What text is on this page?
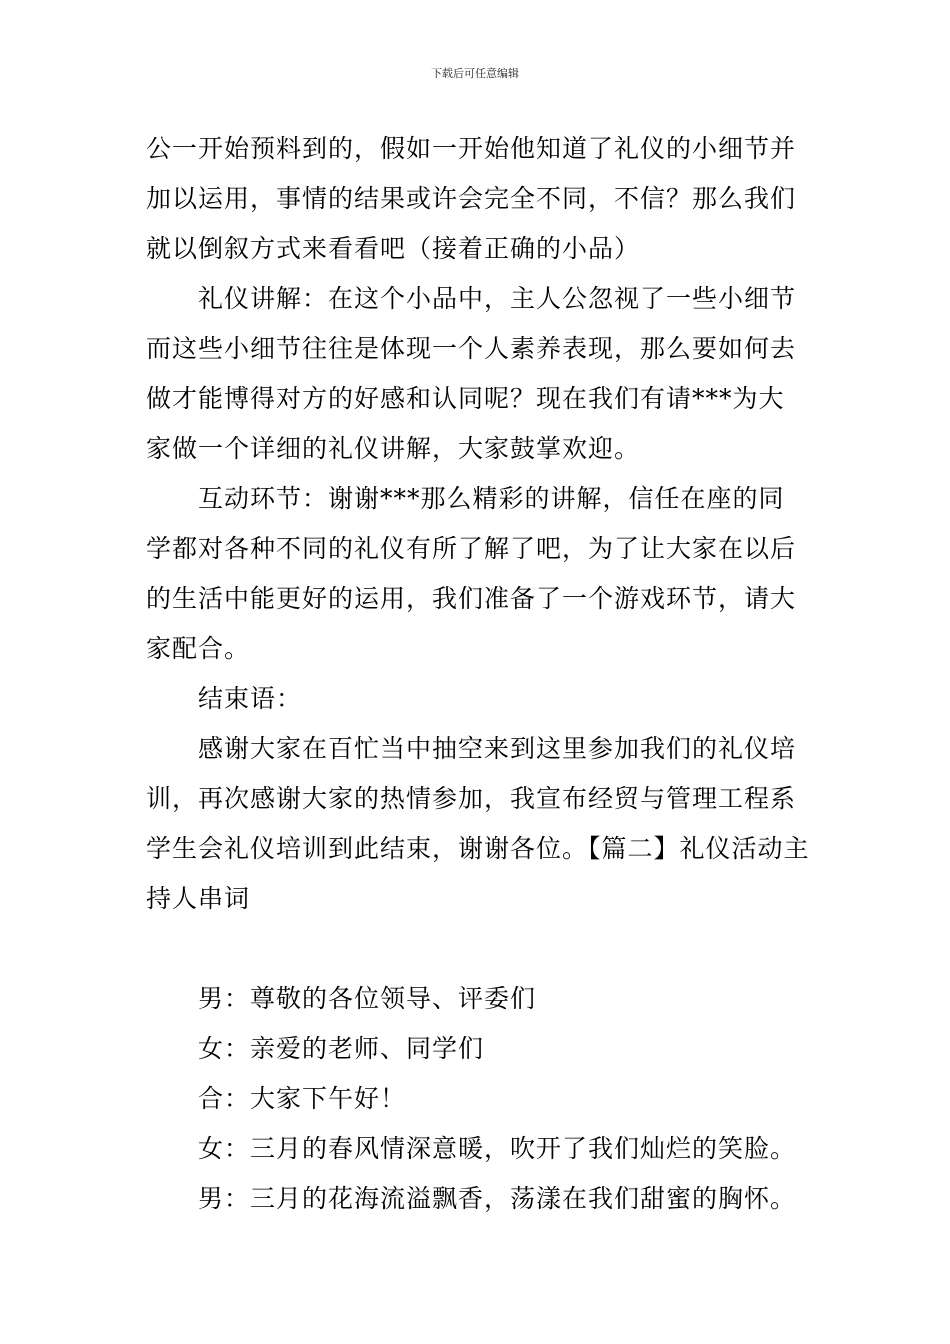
下载后可任意编辑

公一开始预料到的，假如一开始他知道了礼仪的小细节并加以运用，事情的结果或许会完全不同，不信？那么我们就以倒叙方式来看看吧（接着正确的小品）

礼仪讲解：在这个小品中，主人公忽视了一些小细节而这些小细节往往是体现一个人素养表现，那么要如何去做才能博得对方的好感和认同呢？现在我们有请***为大家做一个详细的礼仪讲解，大家鼓掌欢迎。

互动环节：谢谢***那么精彩的讲解，信任在座的同学都对各种不同的礼仪有所了解了吧，为了让大家在以后的生活中能更好的运用，我们准备了一个游戏环节，请大家配合。

结束语：

感谢大家在百忙当中抽空来到这里参加我们的礼仪培训，再次感谢大家的热情参加，我宣布经贸与管理工程系学生会礼仪培训到此结束，谢谢各位。【篇二】礼仪活动主持人串词

男：尊敬的各位领导、评委们

女：亲爱的老师、同学们

合：大家下午好！

女：三月的春风情深意暖，吹开了我们灿烂的笑脸。

男：三月的花海流溢飘香，荡漾在我们甜蜜的胸怀。
